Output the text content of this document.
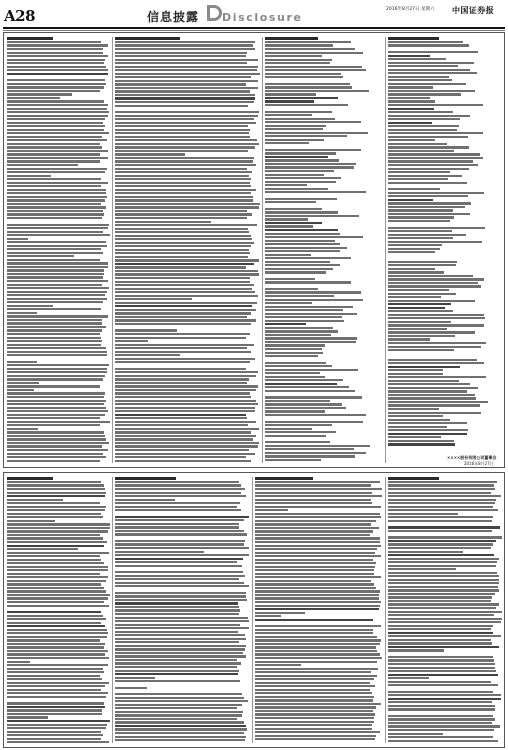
A28	信息披露 Disclosure
2016年8月27日 星期六 中国证券报
××××股份有限公司董事会
2016年8月27日
